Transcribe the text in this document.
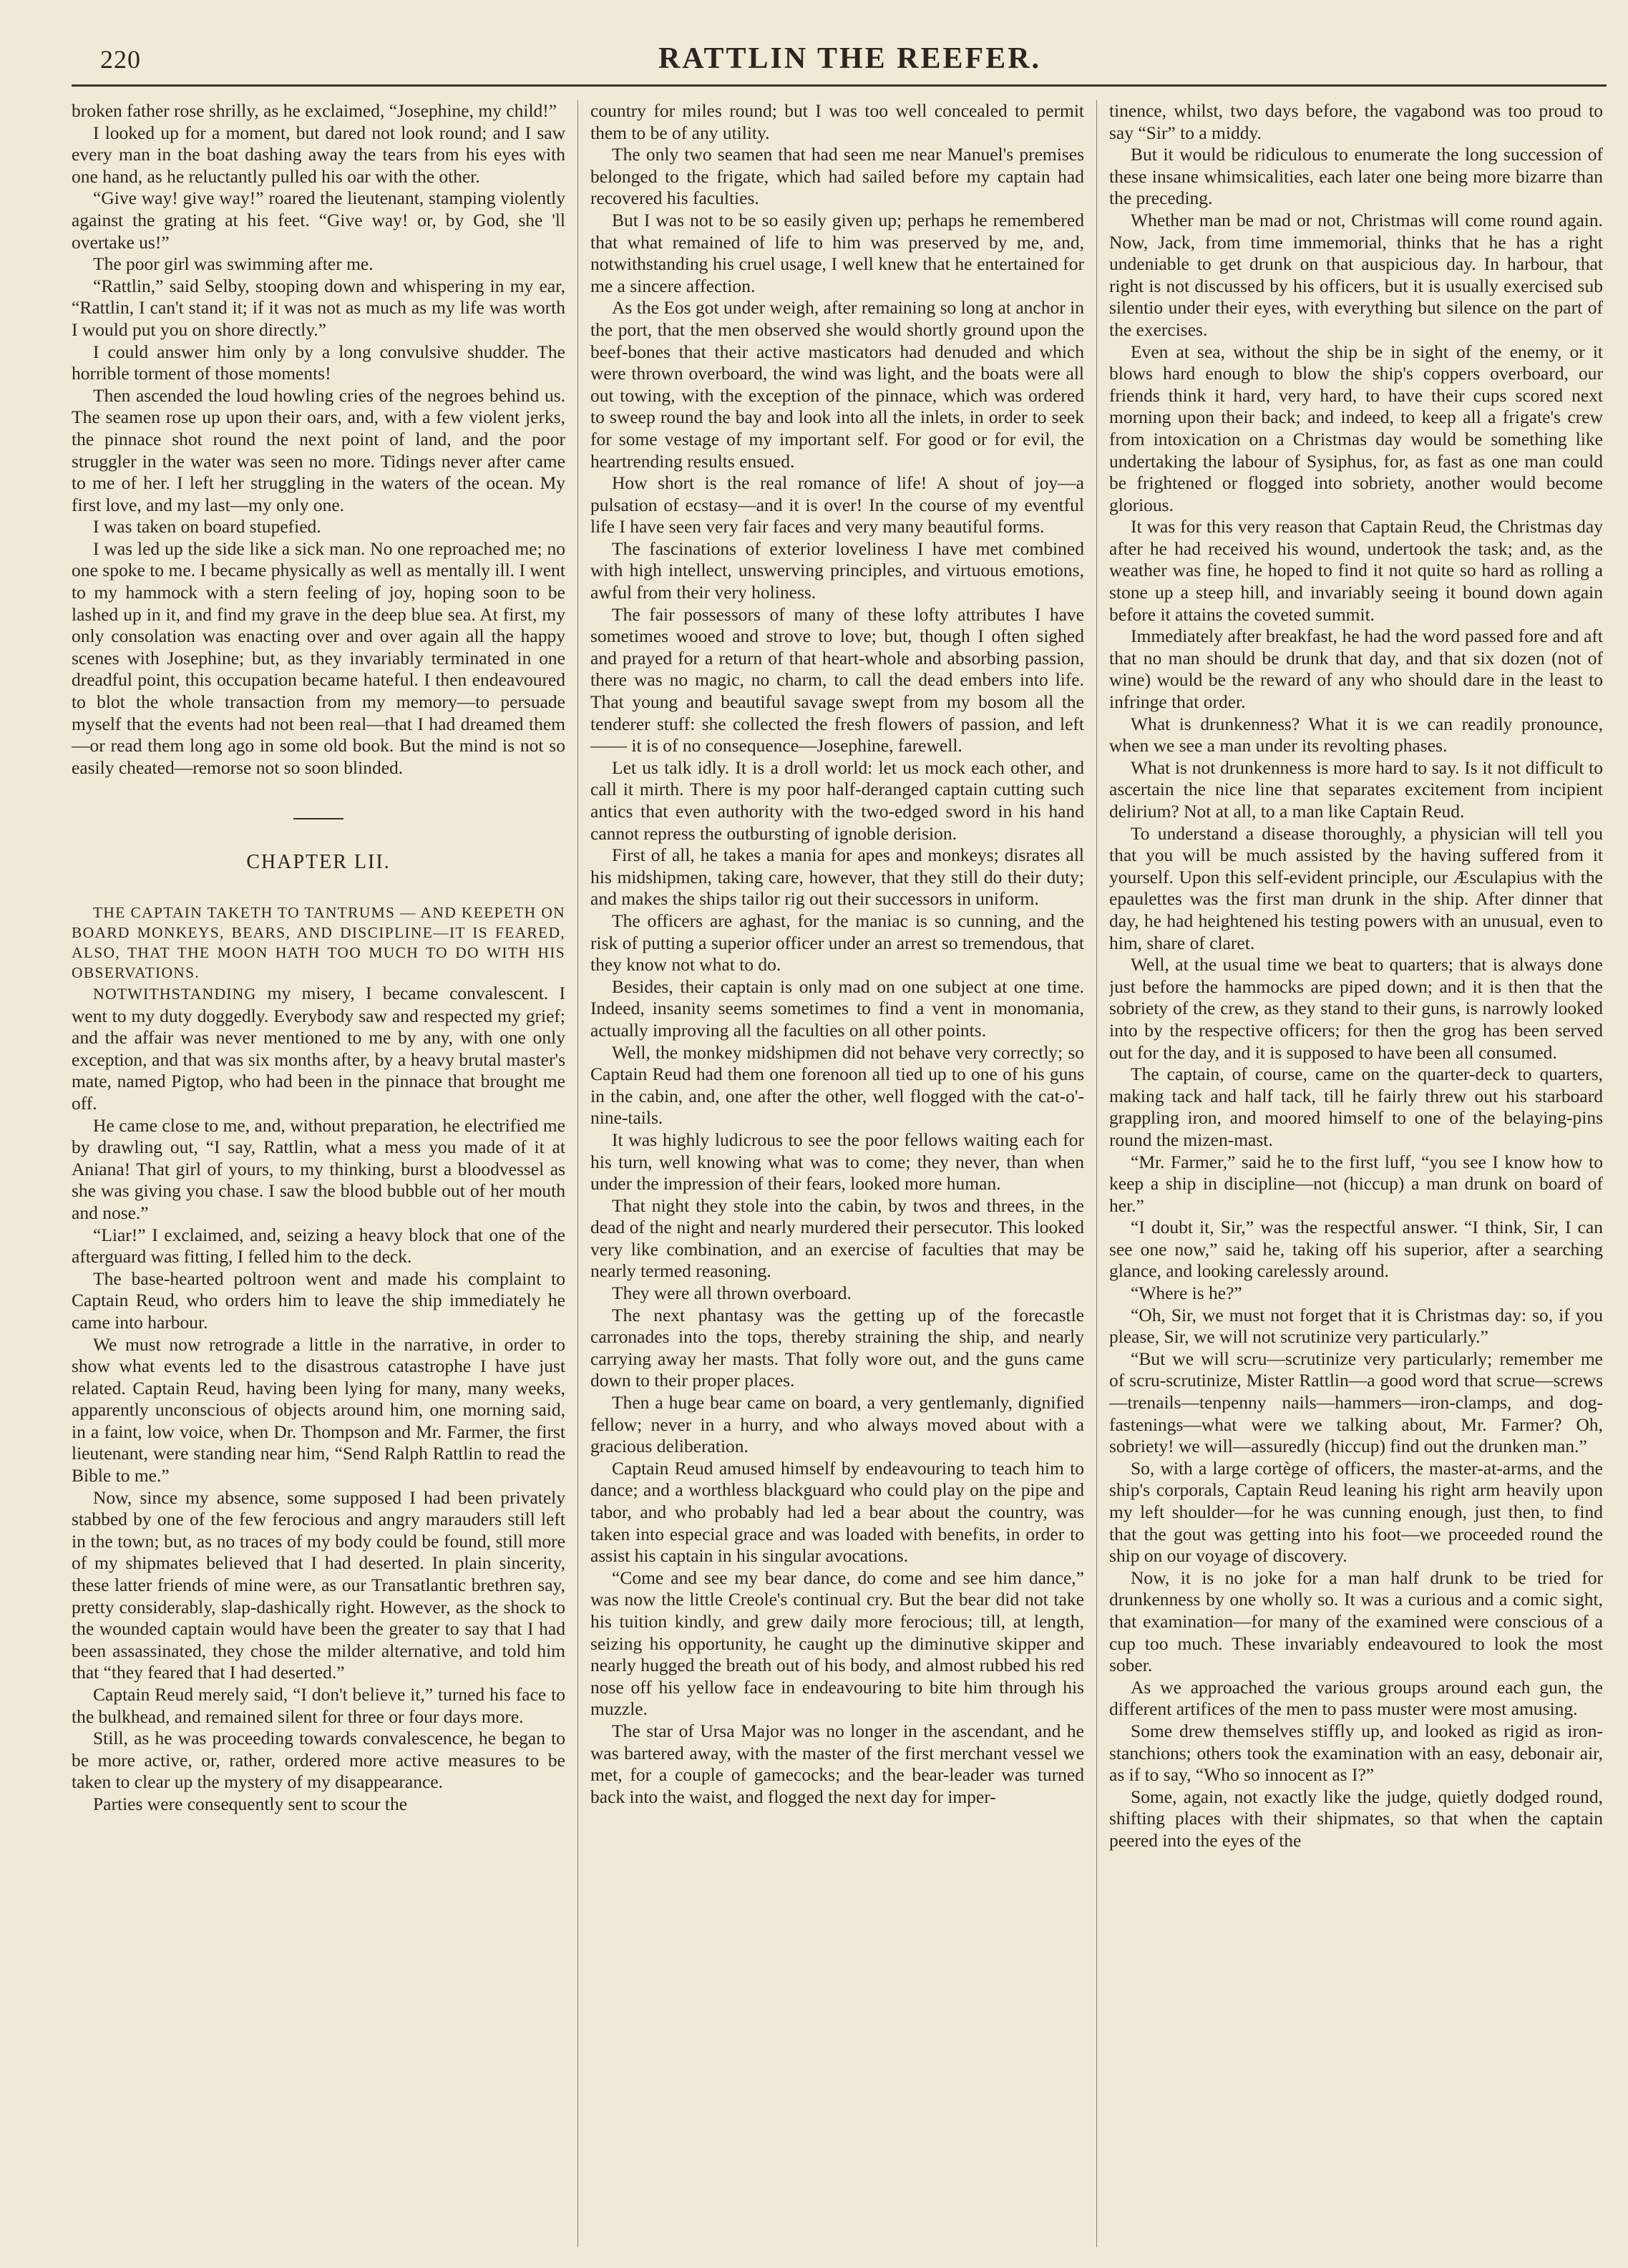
220	RATTLIN THE REEFER.

broken father rose shrilly, as he exclaimed, “Josephine, my child!”

I looked up for a moment, but dared not look round; and I saw every man in the boat dashing away the tears from his eyes with one hand, as he reluctantly pulled his oar with the other.

“Give way! give way!” roared the lieutenant, stamping violently against the grating at his feet. “Give way! or, by God, she 'll overtake us!”

The poor girl was swimming after me.

“Rattlin,” said Selby, stooping down and whispering in my ear, “Rattlin, I can't stand it; if it was not as much as my life was worth I would put you on shore directly.”

I could answer him only by a long convulsive shudder. The horrible torment of those moments!

Then ascended the loud howling cries of the negroes behind us. The seamen rose up upon their oars, and, with a few violent jerks, the pinnace shot round the next point of land, and the poor struggler in the water was seen no more. Tidings never after came to me of her. I left her struggling in the waters of the ocean. My first love, and my last—my only one.

I was taken on board stupefied.

I was led up the side like a sick man. No one reproached me; no one spoke to me. I became physically as well as mentally ill. I went to my hammock with a stern feeling of joy, hoping soon to be lashed up in it, and find my grave in the deep blue sea. At first, my only consolation was enacting over and over again all the happy scenes with Josephine; but, as they invariably terminated in one dreadful point, this occupation became hateful. I then endeavoured to blot the whole transaction from my memory—to persuade myself that the events had not been real—that I had dreamed them—or read them long ago in some old book. But the mind is not so easily cheated—remorse not so soon blinded.

CHAPTER LII.

THE CAPTAIN TAKETH TO TANTRUMS — AND KEEPETH ON BOARD MONKEYS, BEARS, AND DISCIPLINE—IT IS FEARED, ALSO, THAT THE MOON HATH TOO MUCH TO DO WITH HIS OBSERVATIONS.

NOTWITHSTANDING my misery, I became convalescent. I went to my duty doggedly. Everybody saw and respected my grief; and the affair was never mentioned to me by any, with one only exception, and that was six months after, by a heavy brutal master's mate, named Pigtop, who had been in the pinnace that brought me off.

He came close to me, and, without preparation, he electrified me by drawling out, “I say, Rattlin, what a mess you made of it at Aniana! That girl of yours, to my thinking, burst a bloodvessel as she was giving you chase. I saw the blood bubble out of her mouth and nose.”

“Liar!” I exclaimed, and, seizing a heavy block that one of the afterguard was fitting, I felled him to the deck.

The base-hearted poltroon went and made his complaint to Captain Reud, who orders him to leave the ship immediately he came into harbour.

We must now retrograde a little in the narrative, in order to show what events led to the disastrous catastrophe I have just related. Captain Reud, having been lying for many, many weeks, apparently unconscious of objects around him, one morning said, in a faint, low voice, when Dr. Thompson and Mr. Farmer, the first lieutenant, were standing near him, “Send Ralph Rattlin to read the Bible to me.”

Now, since my absence, some supposed I had been privately stabbed by one of the few ferocious and angry marauders still left in the town; but, as no traces of my body could be found, still more of my shipmates believed that I had deserted. In plain sincerity, these latter friends of mine were, as our Transatlantic brethren say, pretty considerably, slap-dashically right. However, as the shock to the wounded captain would have been the greater to say that I had been assassinated, they chose the milder alternative, and told him that “they feared that I had deserted.”

Captain Reud merely said, “I don't believe it,” turned his face to the bulkhead, and remained silent for three or four days more.

Still, as he was proceeding towards convalescence, he began to be more active, or, rather, ordered more active measures to be taken to clear up the mystery of my disappearance.

Parties were consequently sent to scour the

country for miles round; but I was too well concealed to permit them to be of any utility.

The only two seamen that had seen me near Manuel's premises belonged to the frigate, which had sailed before my captain had recovered his faculties.

But I was not to be so easily given up; perhaps he remembered that what remained of life to him was preserved by me, and, notwithstanding his cruel usage, I well knew that he entertained for me a sincere affection.

As the Eos got under weigh, after remaining so long at anchor in the port, that the men observed she would shortly ground upon the beef-bones that their active masticators had denuded and which were thrown overboard, the wind was light, and the boats were all out towing, with the exception of the pinnace, which was ordered to sweep round the bay and look into all the inlets, in order to seek for some vestage of my important self. For good or for evil, the heartrending results ensued.

How short is the real romance of life! A shout of joy—a pulsation of ecstasy—and it is over! In the course of my eventful life I have seen very fair faces and very many beautiful forms.

The fascinations of exterior loveliness I have met combined with high intellect, unswerving principles, and virtuous emotions, awful from their very holiness.

The fair possessors of many of these lofty attributes I have sometimes wooed and strove to love; but, though I often sighed and prayed for a return of that heart-whole and absorbing passion, there was no magic, no charm, to call the dead embers into life. That young and beautiful savage swept from my bosom all the tenderer stuff: she collected the fresh flowers of passion, and left—— it is of no consequence—Josephine, farewell.

Let us talk idly. It is a droll world: let us mock each other, and call it mirth. There is my poor half-deranged captain cutting such antics that even authority with the two-edged sword in his hand cannot repress the outbursting of ignoble derision.

First of all, he takes a mania for apes and monkeys; disrates all his midshipmen, taking care, however, that they still do their duty; and makes the ships tailor rig out their successors in uniform.

The officers are aghast, for the maniac is so cunning, and the risk of putting a superior officer under an arrest so tremendous, that they know not what to do.

Besides, their captain is only mad on one subject at one time. Indeed, insanity seems sometimes to find a vent in monomania, actually improving all the faculties on all other points.

Well, the monkey midshipmen did not behave very correctly; so Captain Reud had them one forenoon all tied up to one of his guns in the cabin, and, one after the other, well flogged with the cat-o'-nine-tails.

It was highly ludicrous to see the poor fellows waiting each for his turn, well knowing what was to come; they never, than when under the impression of their fears, looked more human.

That night they stole into the cabin, by twos and threes, in the dead of the night and nearly murdered their persecutor. This looked very like combination, and an exercise of faculties that may be nearly termed reasoning.

They were all thrown overboard.

The next phantasy was the getting up of the forecastle carronades into the tops, thereby straining the ship, and nearly carrying away her masts. That folly wore out, and the guns came down to their proper places.

Then a huge bear came on board, a very gentlemanly, dignified fellow; never in a hurry, and who always moved about with a gracious deliberation.

Captain Reud amused himself by endeavouring to teach him to dance; and a worthless blackguard who could play on the pipe and tabor, and who probably had led a bear about the country, was taken into especial grace and was loaded with benefits, in order to assist his captain in his singular avocations.

“Come and see my bear dance, do come and see him dance,” was now the little Creole's continual cry. But the bear did not take his tuition kindly, and grew daily more ferocious; till, at length, seizing his opportunity, he caught up the diminutive skipper and nearly hugged the breath out of his body, and almost rubbed his red nose off his yellow face in endeavouring to bite him through his muzzle.

The star of Ursa Major was no longer in the ascendant, and he was bartered away, with the master of the first merchant vessel we met, for a couple of gamecocks; and the bear-leader was turned back into the waist, and flogged the next day for imper-

tinence, whilst, two days before, the vagabond was too proud to say “Sir” to a middy.

But it would be ridiculous to enumerate the long succession of these insane whimsicalities, each later one being more bizarre than the preceding.

Whether man be mad or not, Christmas will come round again. Now, Jack, from time immemorial, thinks that he has a right undeniable to get drunk on that auspicious day. In harbour, that right is not discussed by his officers, but it is usually exercised sub silentio under their eyes, with everything but silence on the part of the exercises.

Even at sea, without the ship be in sight of the enemy, or it blows hard enough to blow the ship's coppers overboard, our friends think it hard, very hard, to have their cups scored next morning upon their back; and indeed, to keep all a frigate's crew from intoxication on a Christmas day would be something like undertaking the labour of Sysiphus, for, as fast as one man could be frightened or flogged into sobriety, another would become glorious.

It was for this very reason that Captain Reud, the Christmas day after he had received his wound, undertook the task; and, as the weather was fine, he hoped to find it not quite so hard as rolling a stone up a steep hill, and invariably seeing it bound down again before it attains the coveted summit.

Immediately after breakfast, he had the word passed fore and aft that no man should be drunk that day, and that six dozen (not of wine) would be the reward of any who should dare in the least to infringe that order.

What is drunkenness? What it is we can readily pronounce, when we see a man under its revolting phases.

What is not drunkenness is more hard to say. Is it not difficult to ascertain the nice line that separates excitement from incipient delirium? Not at all, to a man like Captain Reud.

To understand a disease thoroughly, a physician will tell you that you will be much assisted by the having suffered from it yourself. Upon this self-evident principle, our Æsculapius with the epaulettes was the first man drunk in the ship. After dinner that day, he had heightened his testing powers with an unusual, even to him, share of claret.

Well, at the usual time we beat to quarters; that is always done just before the hammocks are piped down; and it is then that the sobriety of the crew, as they stand to their guns, is narrowly looked into by the respective officers; for then the grog has been served out for the day, and it is supposed to have been all consumed.

The captain, of course, came on the quarter-deck to quarters, making tack and half tack, till he fairly threw out his starboard grappling iron, and moored himself to one of the belaying-pins round the mizen-mast.

“Mr. Farmer,” said he to the first luff, “you see I know how to keep a ship in discipline—not (hiccup) a man drunk on board of her.”

“I doubt it, Sir,” was the respectful answer. “I think, Sir, I can see one now,” said he, taking off his superior, after a searching glance, and looking carelessly around.

“Where is he?”

“Oh, Sir, we must not forget that it is Christmas day: so, if you please, Sir, we will not scrutinize very particularly.”

“But we will scru—scrutinize very particularly; remember me of scru-scrutinize, Mister Rattlin—a good word that scrue—screws—trenails—tenpenny nails—hammers—iron-clamps, and dog-fastenings—what were we talking about, Mr. Farmer? Oh, sobriety! we will—assuredly (hiccup) find out the drunken man.”

So, with a large cortège of officers, the master-at-arms, and the ship's corporals, Captain Reud leaning his right arm heavily upon my left shoulder—for he was cunning enough, just then, to find that the gout was getting into his foot—we proceeded round the ship on our voyage of discovery.

Now, it is no joke for a man half drunk to be tried for drunkenness by one wholly so. It was a curious and a comic sight, that examination—for many of the examined were conscious of a cup too much. These invariably endeavoured to look the most sober.

As we approached the various groups around each gun, the different artifices of the men to pass muster were most amusing.

Some drew themselves stiffly up, and looked as rigid as iron-stanchions; others took the examination with an easy, debonair air, as if to say, “Who so innocent as I?”

Some, again, not exactly like the judge, quietly dodged round, shifting places with their shipmates, so that when the captain peered into the eyes of the
